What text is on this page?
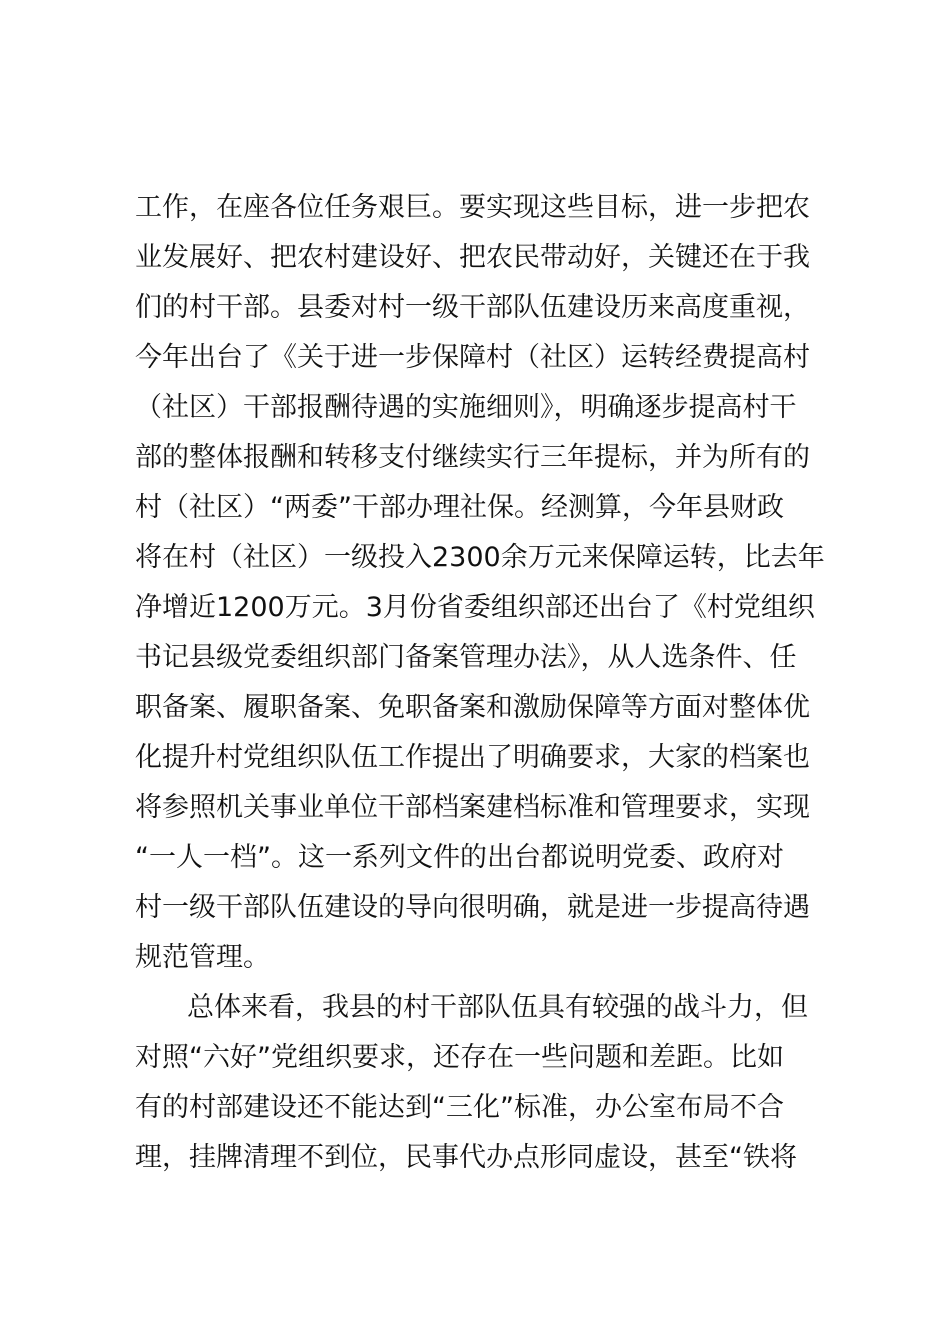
工作，在座各位任务艰巨。要实现这些目标，进一步把农
业发展好、把农村建设好、把农民带动好，关键还在于我
们的村干部。县委对村一级干部队伍建设历来高度重视，
今年出台了《关于进一步保障村（社区）运转经费提高村
（社区）干部报酬待遇的实施细则》，明确逐步提高村干
部的整体报酬和转移支付继续实行三年提标，并为所有的
村（社区）“两委”干部办理社保。经测算，今年县财政
将在村（社区）一级投入2300余万元来保障运转，比去年
净增近1200万元。3月份省委组织部还出台了《村党组织
书记县级党委组织部门备案管理办法》，从人选条件、任
职备案、履职备案、免职备案和激励保障等方面对整体优
化提升村党组织队伍工作提出了明确要求，大家的档案也
将参照机关事业单位干部档案建档标准和管理要求，实现
“一人一档”。这一系列文件的出台都说明党委、政府对
村一级干部队伍建设的导向很明确，就是进一步提高待遇
规范管理。
总体来看，我县的村干部队伍具有较强的战斗力，但
对照“六好”党组织要求，还存在一些问题和差距。比如
有的村部建设还不能达到“三化”标准，办公室布局不合
理，挂牌清理不到位，民事代办点形同虚设，甚至“铁将
